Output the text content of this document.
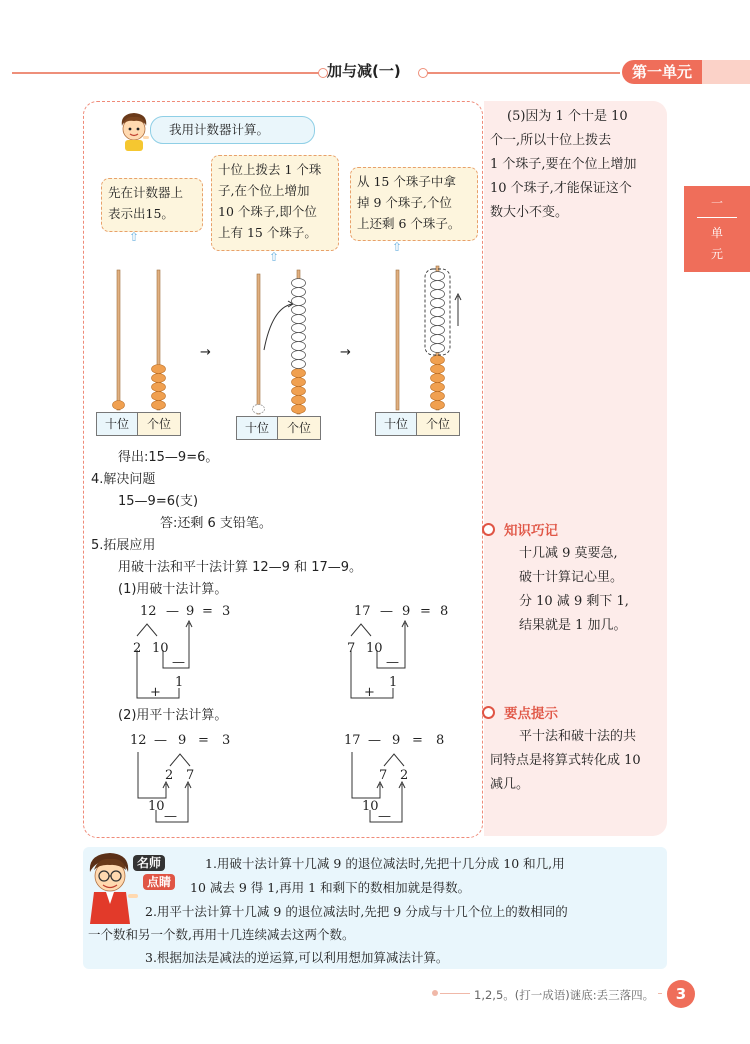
加与减(一)	第一单元
一
单
元
我用计数器计算。
先在计数器上
表示出15。
⇧
十位上拨去 1 个珠
子,在个位上增加
10 个珠子,即个位
上有 15 个珠子。
⇧
从 15 个珠子中拿
掉 9 个珠子,个位
上还剩 6 个珠子。
⇧
十位	个位
→
十位	个位
→
十位	个位
得出:15—9=6。
4.解决问题
15—9=6(支)
答:还剩 6 支铅笔。
5.拓展应用
用破十法和平十法计算 12—9 和 17—9。
(1)用破十法计算。
12 — 9 = 3
2 10
—
1
+
17 — 9 = 8
7 10
—
1
+
(2)用平十法计算。
12 — 9 = 3
2 7
10
—
17 — 9 = 8
7 2
10
—
(5)因为 1 个十是 10
个一,所以十位上拨去
1 个珠子,要在个位上增加
10 个珠子,才能保证这个
数大小不变。
知识巧记
十几减 9 莫要急,
破十计算记心里。
分 10 减 9 剩下 1,
结果就是 1 加几。
要点提示
平十法和破十法的共
同特点是将算式转化成 10
减几。
名师 点睛
1.用破十法计算十几减 9 的退位减法时,先把十几分成 10 和几,用
10 减去 9 得 1,再用 1 和剩下的数相加就是得数。
2.用平十法计算十几减 9 的退位减法时,先把 9 分成与十几个位上的数相同的
一个数和另一个数,再用十几连续减去这两个数。
3.根据加法是减法的逆运算,可以利用想加算减法计算。
1,2,5。(打一成语)谜底:丢三落四。	3
